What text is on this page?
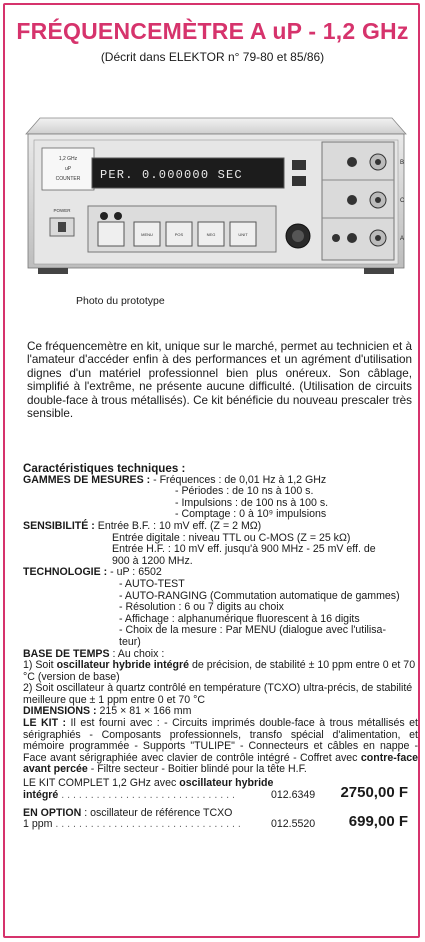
FRÉQUENCEMÈTRE A uP - 1,2 GHz
(Décrit dans ELEKTOR n° 79-80 et 85/86)
1,2 GHz
uP
COUNTER PER. 0.000000 SEC
POWER
MENU	POS	NEG	UNIT
B
C
A
Photo du prototype
Ce fréquencemètre en kit, unique sur le marché, permet au technicien et à l'amateur d'accéder enfin à des performances et un agrément d'utilisation dignes d'un matériel professionnel bien plus onéreux. Son câblage, simplifié à l'extrême, ne présente aucune difficulté. (Utilisation de circuits double-face à trous métallisés). Ce kit bénéficie du nouveau prescaler très sensible.
Caractéristiques techniques :
GAMMES DE MESURES : - Fréquences : de 0,01 Hz à 1,2 GHz
- Périodes : de 10 ns à 100 s.
- Impulsions : de 100 ns à 100 s.
- Comptage : 0 à 10⁹ impulsions
SENSIBILITÉ : Entrée B.F. : 10 mV eff. (Z = 2 MΩ)
Entrée digitale : niveau TTL ou C-MOS (Z = 25 kΩ)
Entrée H.F. : 10 mV eff. jusqu'à 900 MHz - 25 mV eff. de
900 à 1200 MHz.
TECHNOLOGIE : - uP : 6502
- AUTO-TEST
- AUTO-RANGING (Commutation automatique de gammes)
- Résolution : 6 ou 7 digits au choix
- Affichage : alphanumérique fluorescent à 16 digits
- Choix de la mesure : Par MENU (dialogue avec l'utilisa-
teur)
BASE DE TEMPS : Au choix :
1) Soit oscillateur hybride intégré de précision, de stabilité ± 10 ppm entre 0 et 70 °C (version de base)
2) Soit oscillateur à quartz contrôlé en température (TCXO) ultra-précis, de stabilité meilleure que ± 1 ppm entre 0 et 70 °C
DIMENSIONS : 215 × 81 × 166 mm
LE KIT : Il est fourni avec : - Circuits imprimés double-face à trous métallisés et sérigraphiés - Composants professionnels, transfo spécial d'alimentation, et mémoire programmée - Supports "TULIPE" - Connecteurs et câbles en nappe - Face avant sérigraphiée avec clavier de contrôle intégré - Coffret avec contre-face avant percée - Filtre secteur - Boitier blindé pour la tête H.F.
LE KIT COMPLET 1,2 GHz avec oscillateur hybride
intégré . . . . . . . . . . . . . . . . . . . . . . . . . . . . . .	012.6349 2750,00 F
EN OPTION : oscillateur de référence TCXO
1 ppm . . . . . . . . . . . . . . . . . . . . . . . . . . . . . . . .	012.5520 699,00 F
